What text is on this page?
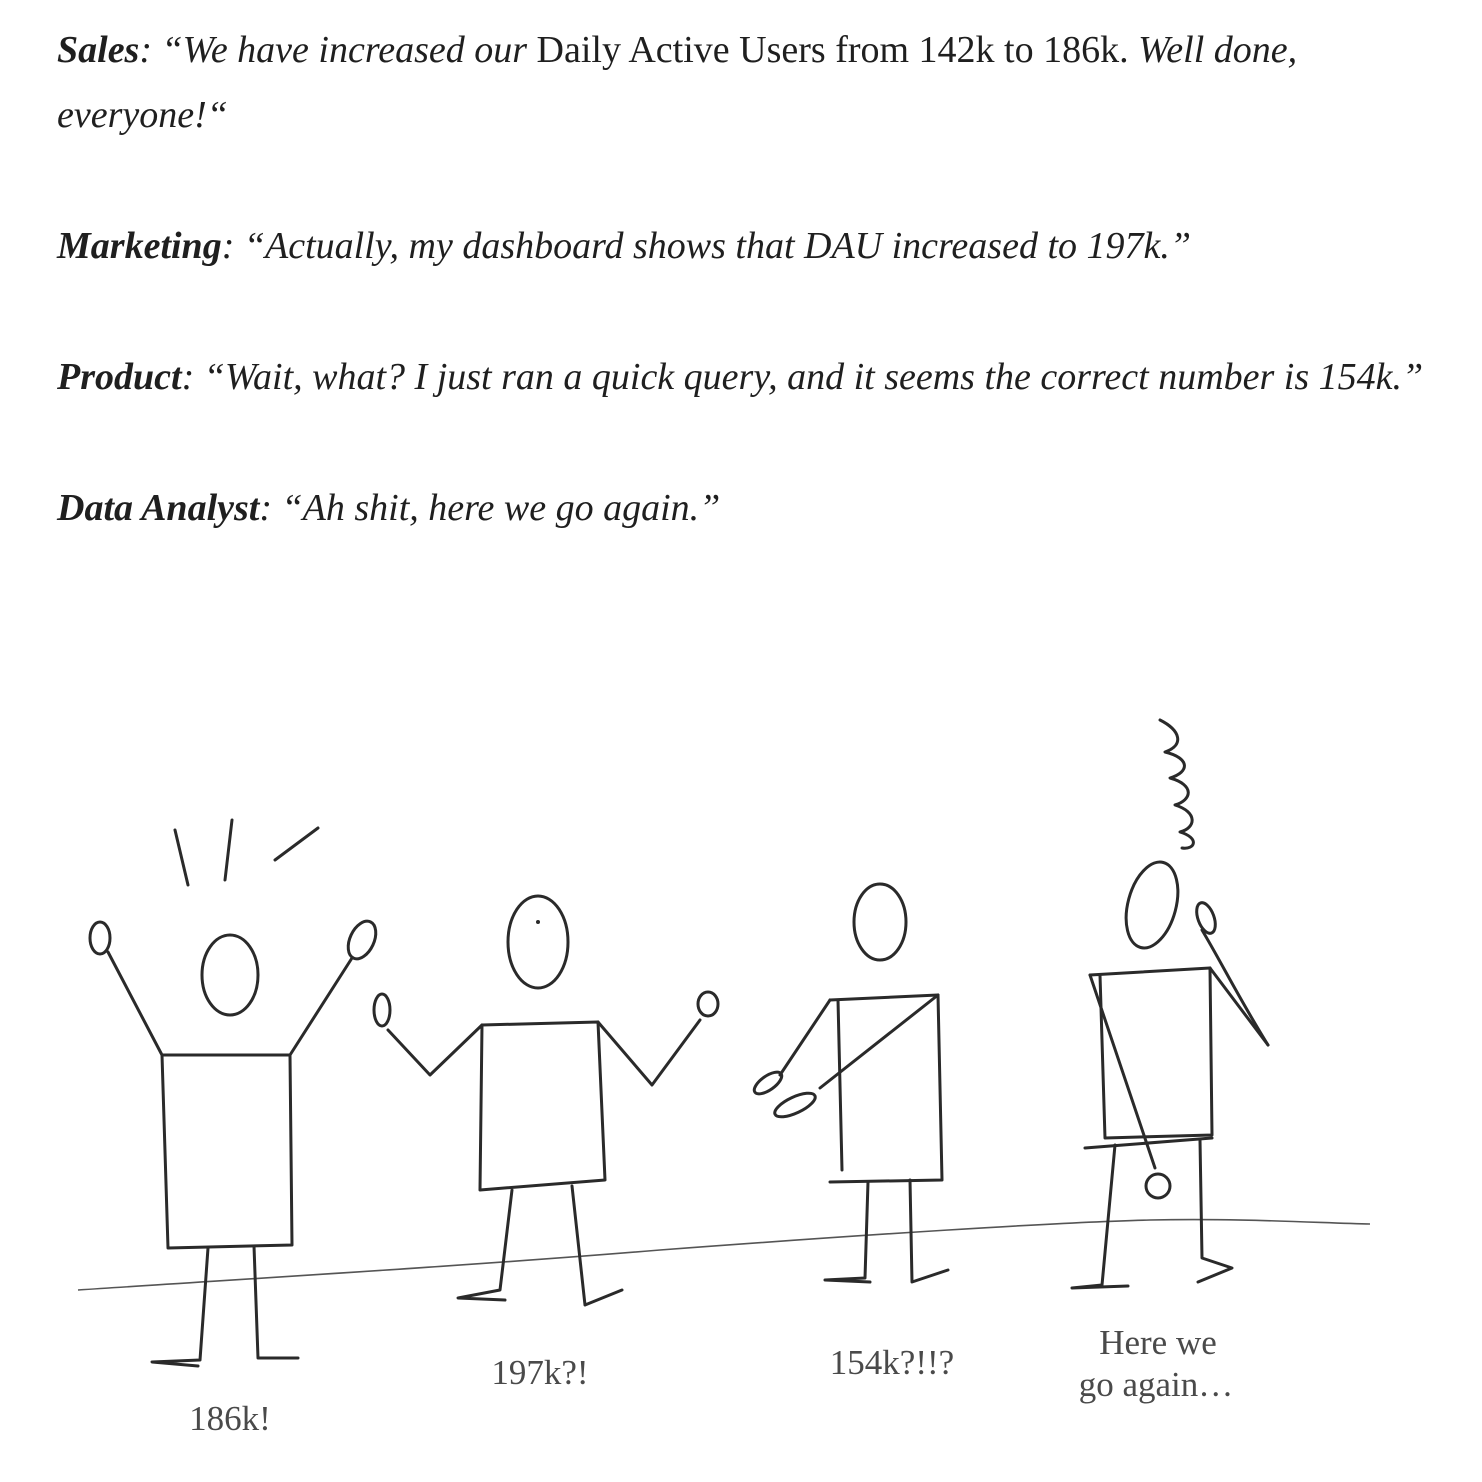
Sales: “We have increased our Daily Active Users from 142k to 186k. Well done, everyone!“

Marketing: “Actually, my dashboard shows that DAU increased to 197k.”

Product: “Wait, what? I just ran a quick query, and it seems the correct number is 154k.”

Data Analyst: “Ah shit, here we go again.”

186k!
197k?!	154k?!!?
Here we
go again…
